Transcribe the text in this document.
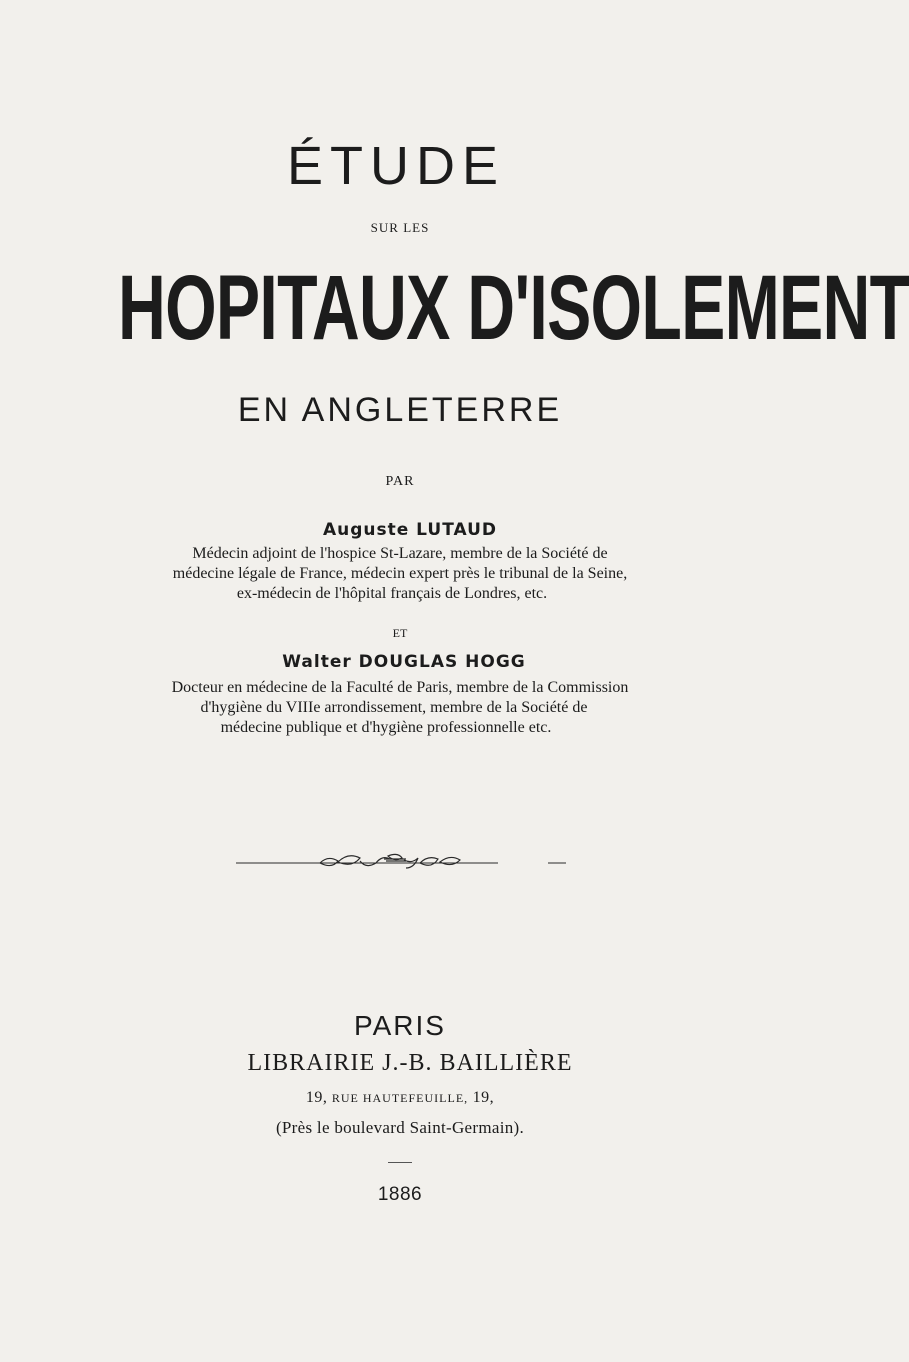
ÉTUDE
SUR LES
HOPITAUX D'ISOLEMENT
EN ANGLETERRE
PAR
Auguste LUTAUD
Médecin adjoint de l'hospice St-Lazare, membre de la Société de
médecine légale de France, médecin expert près le tribunal de la Seine,
ex-médecin de l'hôpital français de Londres, etc.
ET
Walter DOUGLAS HOGG
Docteur en médecine de la Faculté de Paris, membre de la Commission
d'hygiène du VIIIe arrondissement, membre de la Société de
médecine publique et d'hygiène professionnelle etc.
PARIS
LIBRAIRIE J.-B. BAILLIÈRE
19, RUE HAUTEFEUILLE, 19,
(Près le boulevard Saint-Germain).
1886
